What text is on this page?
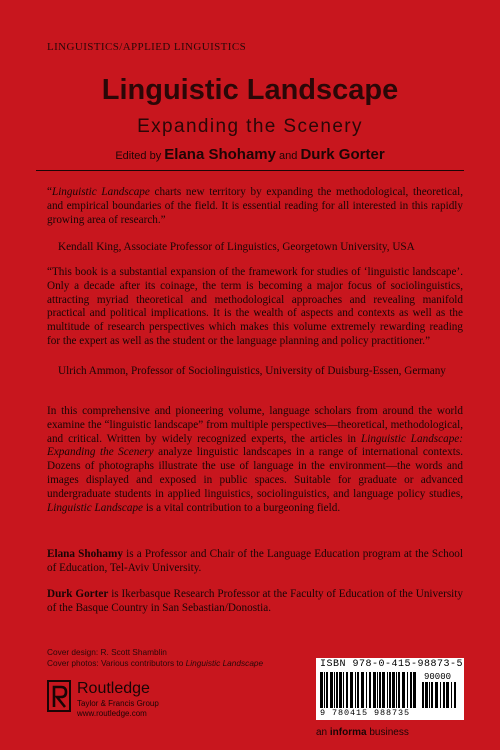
LINGUISTICS/APPLIED LINGUISTICS
Linguistic Landscape
Expanding the Scenery
Edited by Elana Shohamy and Durk Gorter
“Linguistic Landscape charts new territory by expanding the methodological, theoretical, and empirical boundaries of the field. It is essential reading for all interested in this rapidly growing area of research.”
Kendall King, Associate Professor of Linguistics, Georgetown University, USA
“This book is a substantial expansion of the framework for studies of ‘linguistic landscape’. Only a decade after its coinage, the term is becoming a major focus of sociolinguistics, attracting myriad theoretical and methodological approaches and revealing manifold practical and political implications. It is the wealth of aspects and contexts as well as the multitude of research perspectives which makes this volume extremely rewarding reading for the expert as well as the student or the language planning and policy practitioner.”
Ulrich Ammon, Professor of Sociolinguistics, University of Duisburg-Essen, Germany
In this comprehensive and pioneering volume, language scholars from around the world examine the “linguistic landscape” from multiple perspectives—theoretical, methodological, and critical. Written by widely recognized experts, the articles in Linguistic Landscape: Expanding the Scenery analyze linguistic landscapes in a range of international contexts. Dozens of photographs illustrate the use of language in the environment—the words and images displayed and exposed in public spaces. Suitable for graduate or advanced undergraduate students in applied linguistics, sociolinguistics, and language policy studies, Linguistic Landscape is a vital contribution to a burgeoning field.
Elana Shohamy is a Professor and Chair of the Language Education program at the School of Education, Tel-Aviv University.
Durk Gorter is Ikerbasque Research Professor at the Faculty of Education of the University of the Basque Country in San Sebastian/Donostia.
Cover design: R. Scott Shamblin
Cover photos: Various contributors to Linguistic Landscape
Routledge
Taylor & Francis Group
www.routledge.com
ISBN 978-0-415-98873-5
90000
9 780415 988735
an informa business
